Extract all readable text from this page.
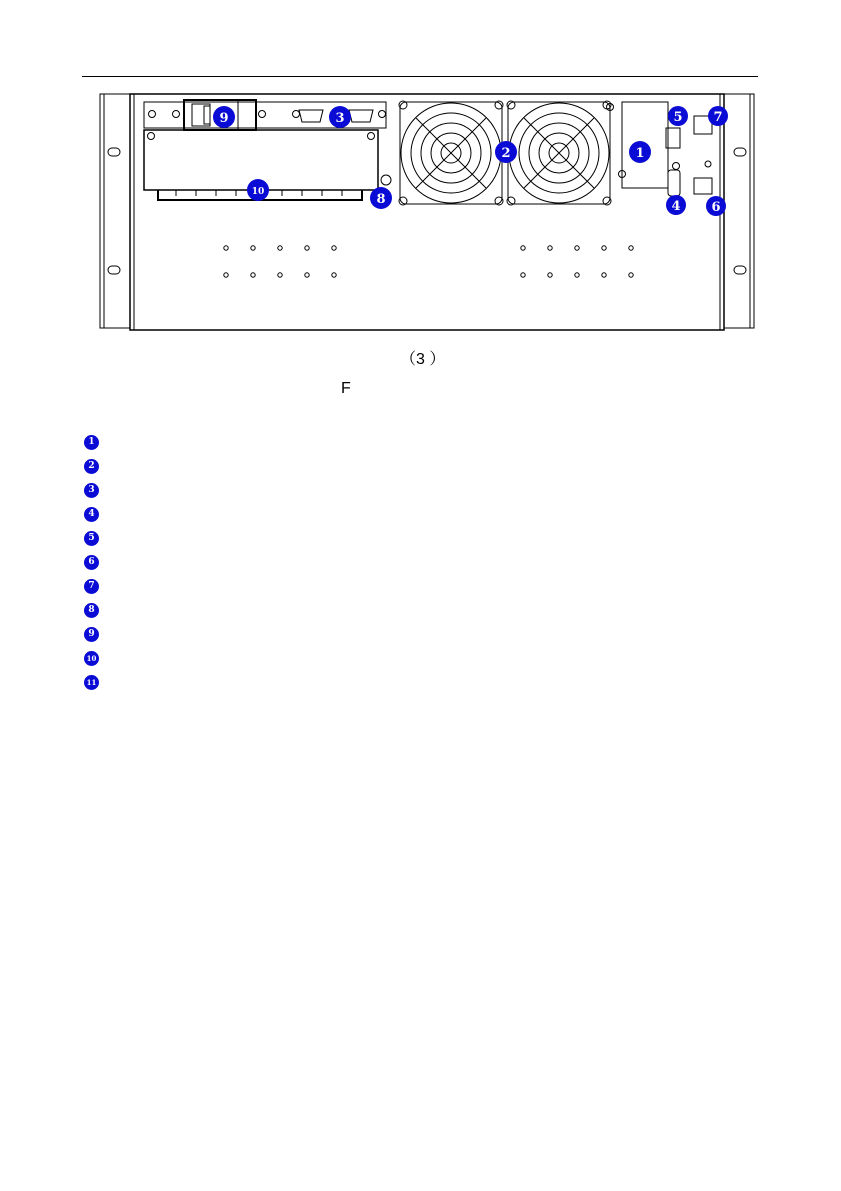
9	3
2	1
5 7
4 6
8
10
（3 ）
F
1
2
3
4
5
6
7
8
9
10
11
